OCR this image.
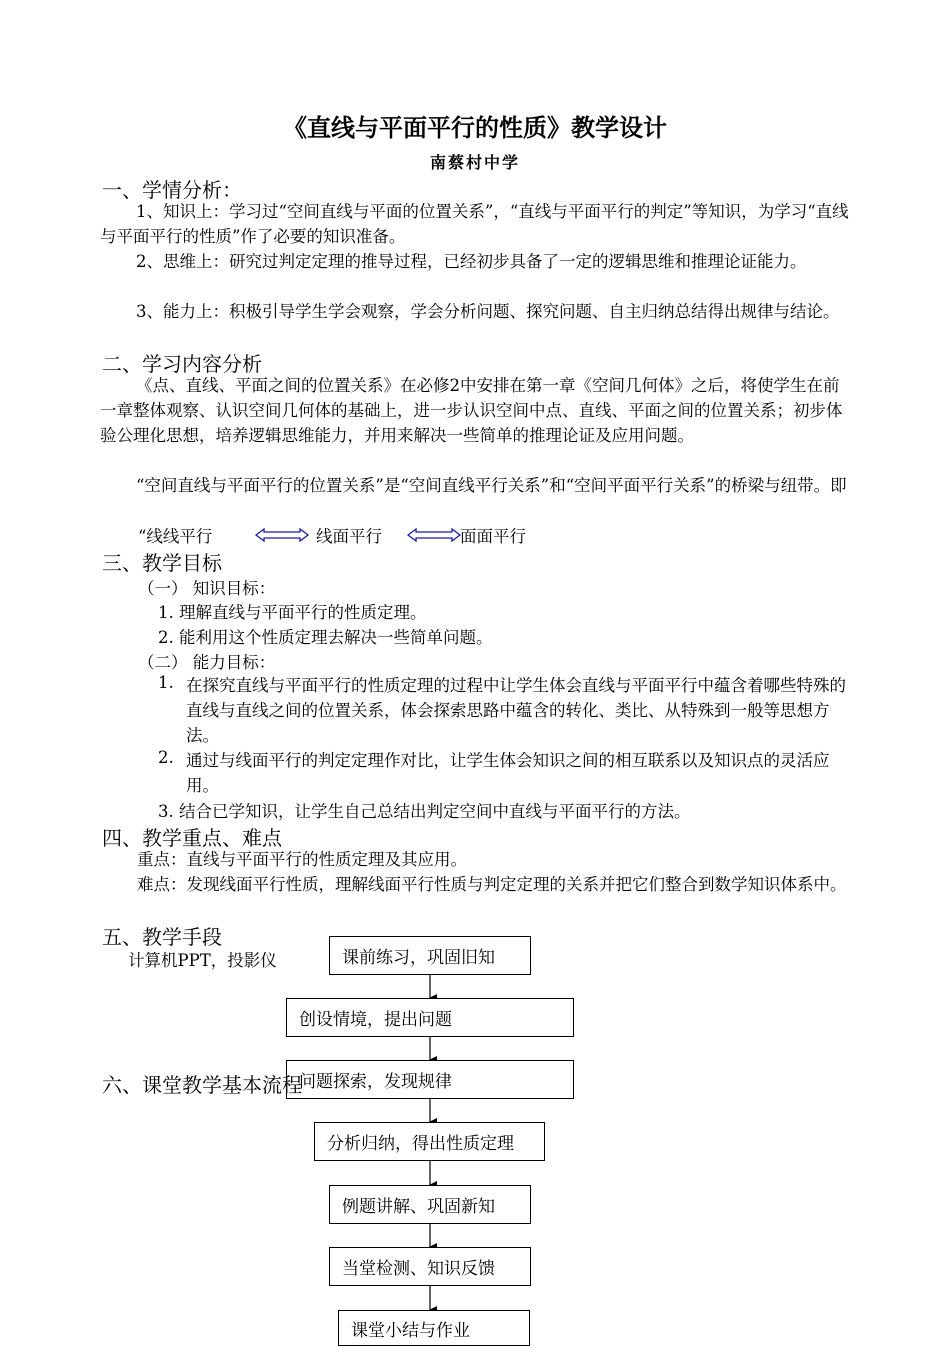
《直线与平面平行的性质》教学设计
南蔡村中学
一、学情分析：
1、知识上：学习过“空间直线与平面的位置关系”，“直线与平面平行的判定”等知识，为学习“直线与平面平行的性质”作了必要的知识准备。
2、思维上：研究过判定定理的推导过程，已经初步具备了一定的逻辑思维和推理论证能力。
3、能力上：积极引导学生学会观察，学会分析问题、探究问题、自主归纳总结得出规律与结论。
二、学习内容分析
《点、直线、平面之间的位置关系》在必修2中安排在第一章《空间几何体》之后，将使学生在前一章整体观察、认识空间几何体的基础上，进一步认识空间中点、直线、平面之间的位置关系；初步体验公理化思想，培养逻辑思维能力，并用来解决一些简单的推理论证及应用问题。
“空间直线与平面平行的位置关系”是“空间直线平行关系”和“空间平面平行关系”的桥梁与纽带。即
“线线平行	线面平行	面面平行
三、教学目标
（一） 知识目标：
1. 理解直线与平面平行的性质定理。
2. 能利用这个性质定理去解决一些简单问题。
（二） 能力目标：
1. 在探究直线与平面平行的性质定理的过程中让学生体会直线与平面平行中蕴含着哪些特殊的直线与直线之间的位置关系，体会探索思路中蕴含的转化、类比、从特殊到一般等思想方法。
2. 通过与线面平行的判定定理作对比，让学生体会知识之间的相互联系以及知识点的灵活应用。
3. 结合已学知识，让学生自己总结出判定空间中直线与平面平行的方法。
四、教学重点、难点
重点：直线与平面平行的性质定理及其应用。
难点：发现线面平行性质，理解线面平行性质与判定定理的关系并把它们整合到数学知识体系中。
五、教学手段
计算机PPT，投影仪	课前练习，巩固旧知
创设情境，提出问题
问题探索，发现规律
六、课堂教学基本流程
分析归纳，得出性质定理
例题讲解、巩固新知
当堂检测、知识反馈
课堂小结与作业
